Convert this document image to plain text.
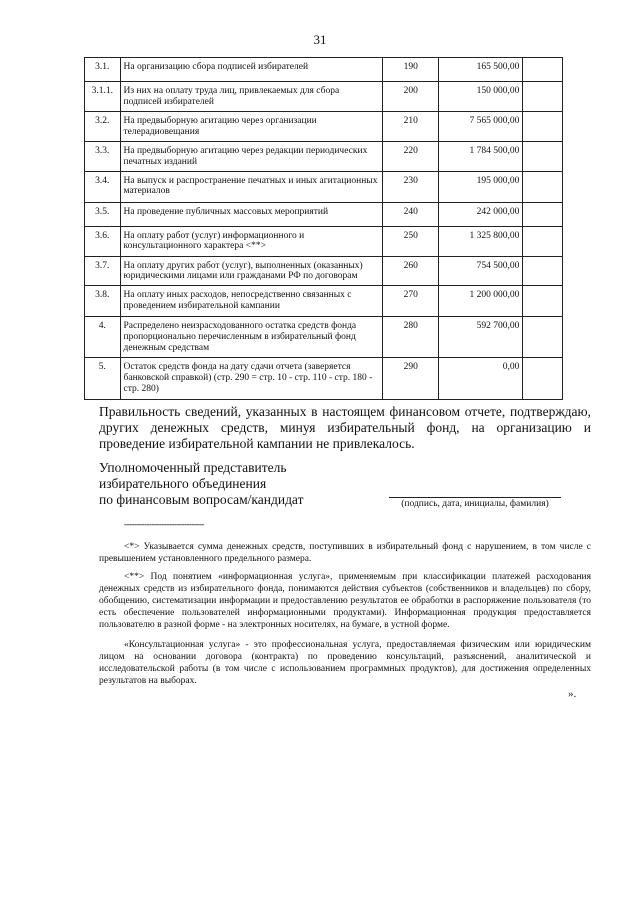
31
3.1.	На организацию сбора подписей избирателей	190	165 500,00	
3.1.1.	Из них на оплату труда лиц, привлекаемых для сбора подписей избирателей	200	150 000,00	
3.2.	На предвыборную агитацию через организации телерадиовещания	210	7 565 000,00	
3.3.	На предвыборную агитацию через редакции периодических печатных изданий	220	1 784 500,00	
3.4.	На выпуск и распространение печатных и иных агитационных материалов	230	195 000,00	
3.5.	На проведение публичных массовых мероприятий	240	242 000,00	
3.6.	На оплату работ (услуг) информационного и консультационного характера <**>	250	1 325 800,00	
3.7.	На оплату других работ (услуг), выполненных (оказанных) юридическими лицами или гражданами РФ по договорам	260	754 500,00	
3.8.	На оплату иных расходов, непосредственно связанных с проведением избирательной кампании	270	1 200 000,00	
4.	Распределено неизрасходованного остатка средств фонда пропорционально перечисленным в избирательный фонд денежным средствам	280	592 700,00	
5.	Остаток средств фонда на дату сдачи отчета (заверяется банковской справкой) (стр. 290 = стр. 10 - стр. 110 - стр. 180 - стр. 280)	290	0,00	
Правильность сведений, указанных в настоящем финансовом отчете, подтверждаю, других денежных средств, минуя избирательный фонд, на организацию и проведение избирательной кампании не привлекалось.
Уполномоченный представитель
избирательного объединения
по финансовым вопросам/кандидат	(подпись, дата, инициалы, фамилия)
--------------------------------
<*> Указывается сумма денежных средств, поступивших в избирательный фонд с нарушением, в том числе с превышением установленного предельного размера.
<**> Под понятием «информационная услуга», применяемым при классификации платежей расходования денежных средств из избирательного фонда, понимаются действия субъектов (собственников и владельцев) по сбору, обобщению, систематизации информации и предоставлению результатов ее обработки в распоряжение пользователя (то есть обеспечение пользователей информационными продуктами). Информационная продукция предоставляется пользователю в разной форме - на электронных носителях, на бумаге, в устной форме.
«Консультационная услуга» - это профессиональная услуга, предоставляемая физическим или юридическим лицом на основании договора (контракта) по проведению консультаций, разъяснений, аналитической и исследовательской работы (в том числе с использованием программных продуктов), для достижения определенных результатов на выборах.
».
